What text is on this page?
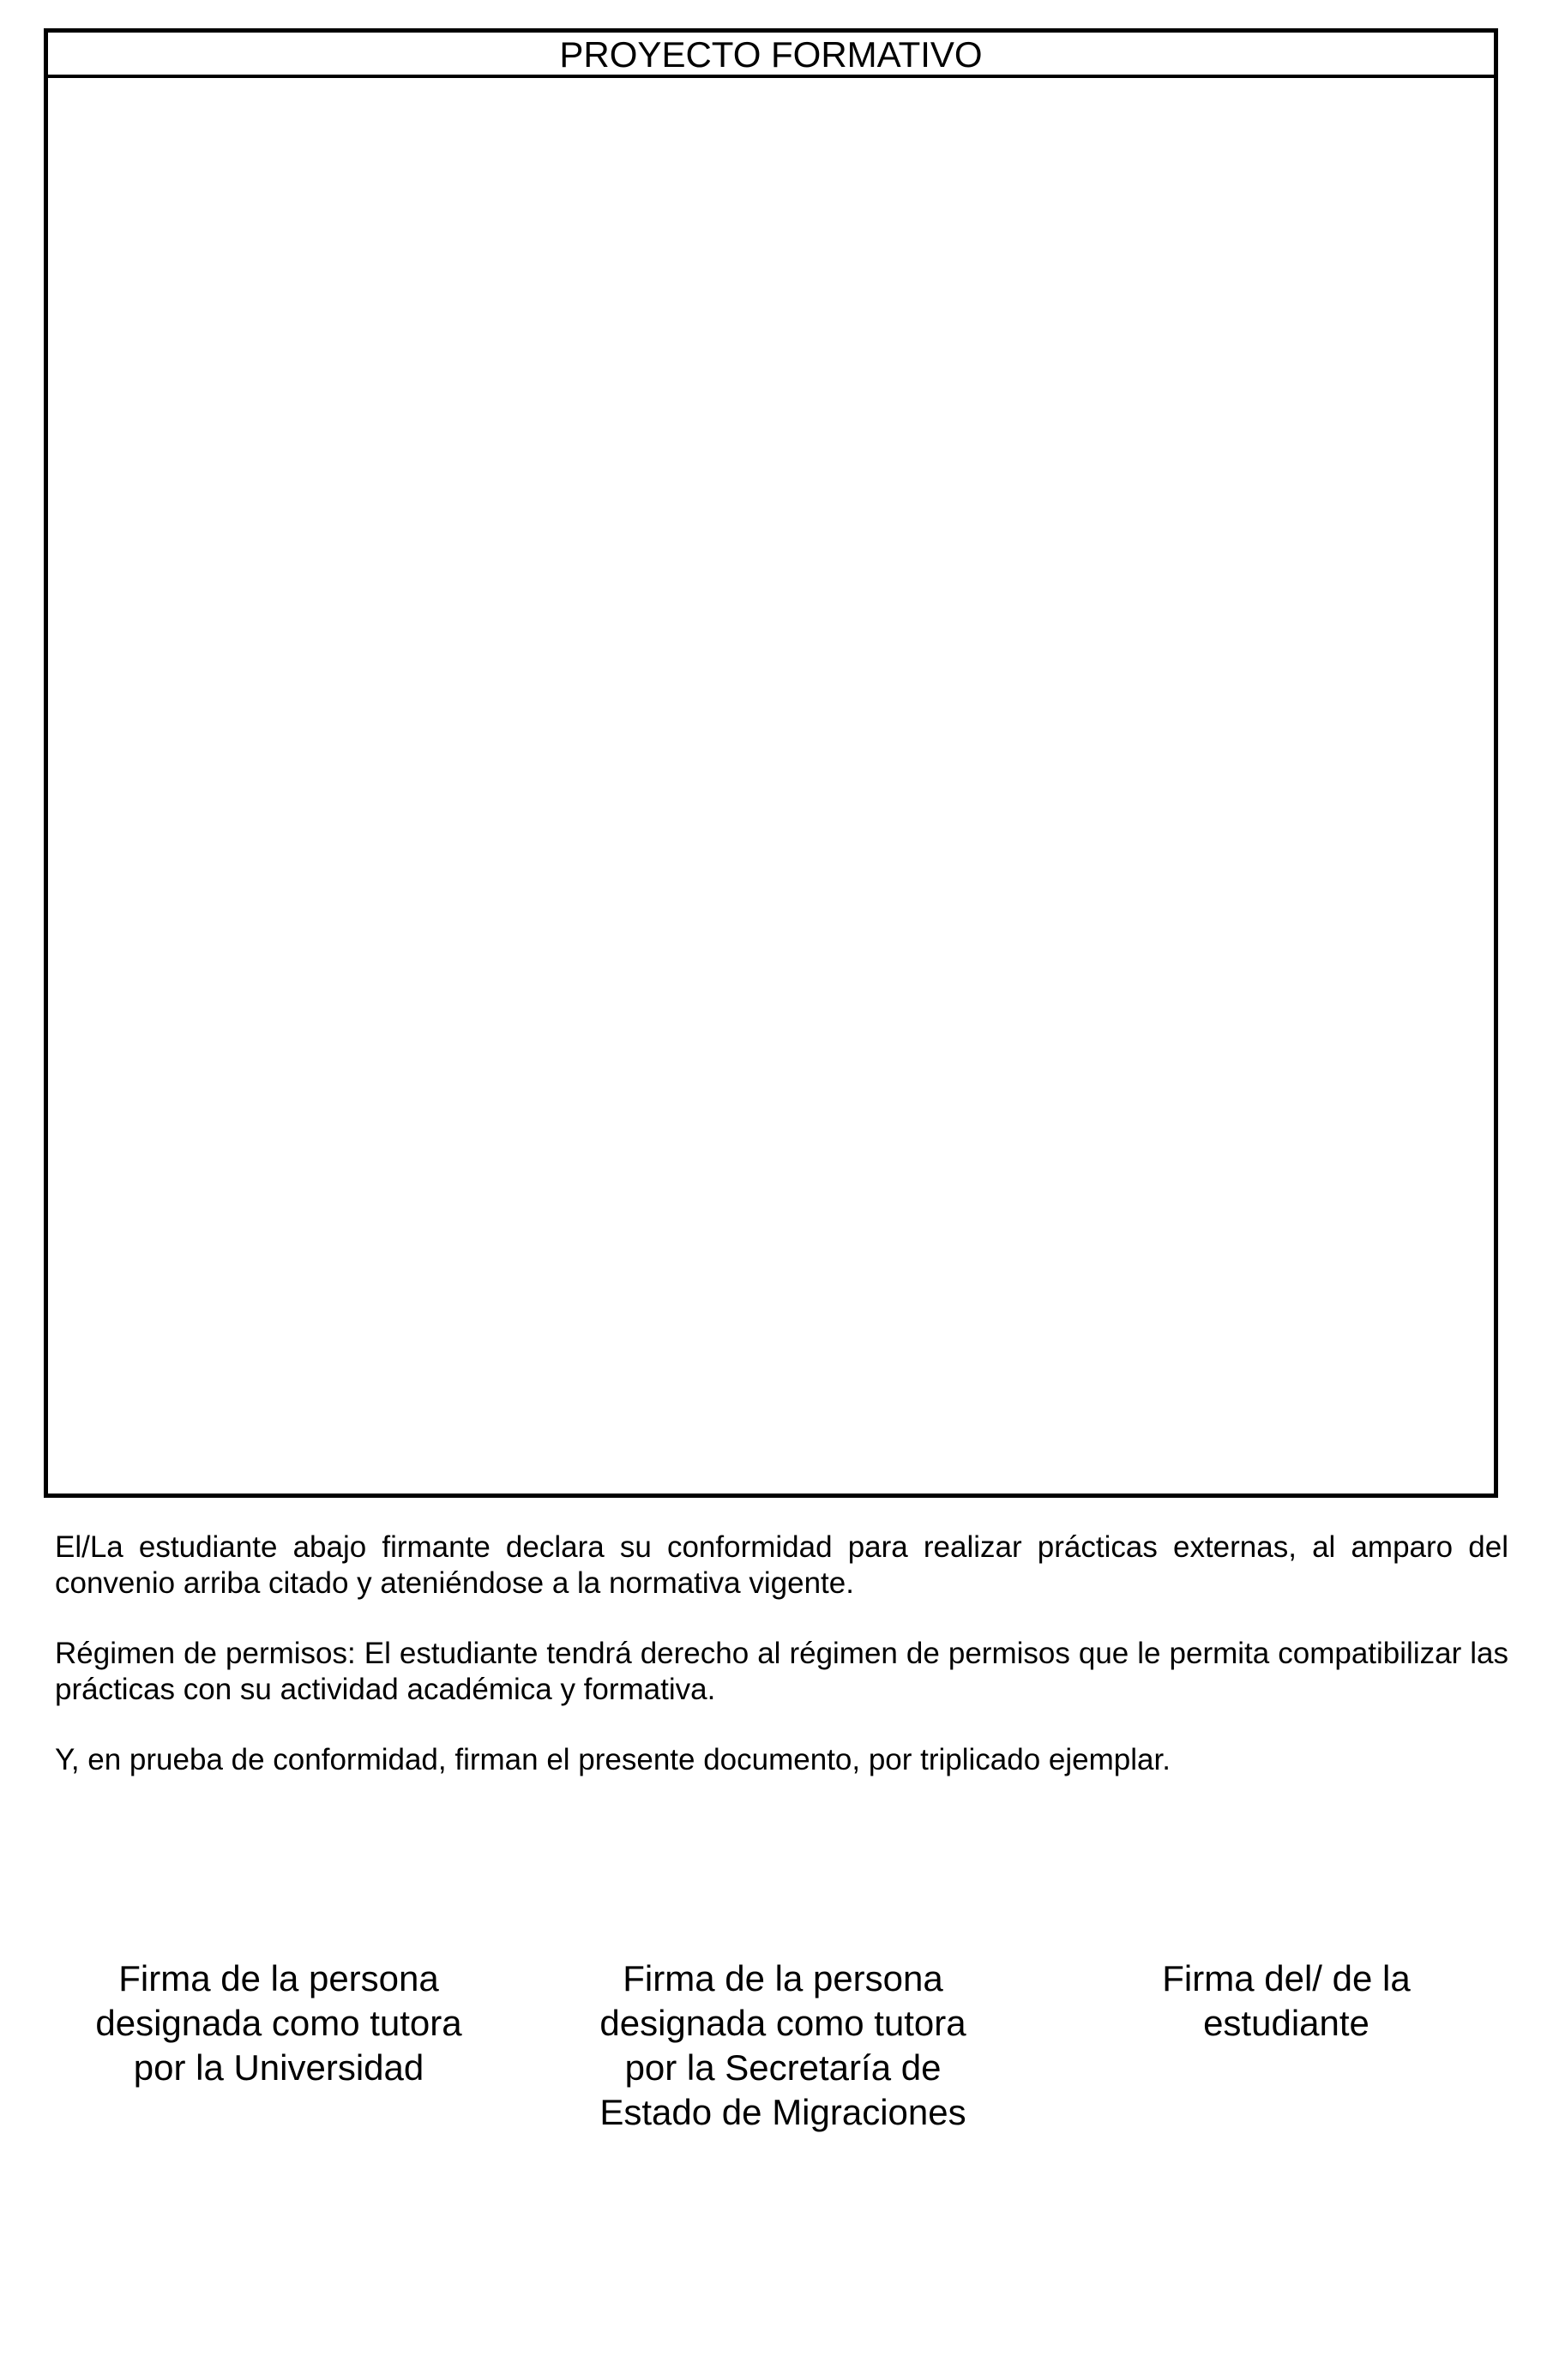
PROYECTO FORMATIVO

El/La estudiante abajo firmante declara su conformidad para realizar prácticas externas, al amparo del convenio arriba citado y ateniéndose a la normativa vigente.

Régimen de permisos: El estudiante tendrá derecho al régimen de permisos que le permita compatibilizar las prácticas con su actividad académica y formativa.

Y, en prueba de conformidad, firman el presente documento, por triplicado ejemplar.

Firma de la persona
designada como tutora
por la Universidad
Firma de la persona
designada como tutora
por la Secretaría de
Estado de Migraciones
Firma del/ de la
estudiante
